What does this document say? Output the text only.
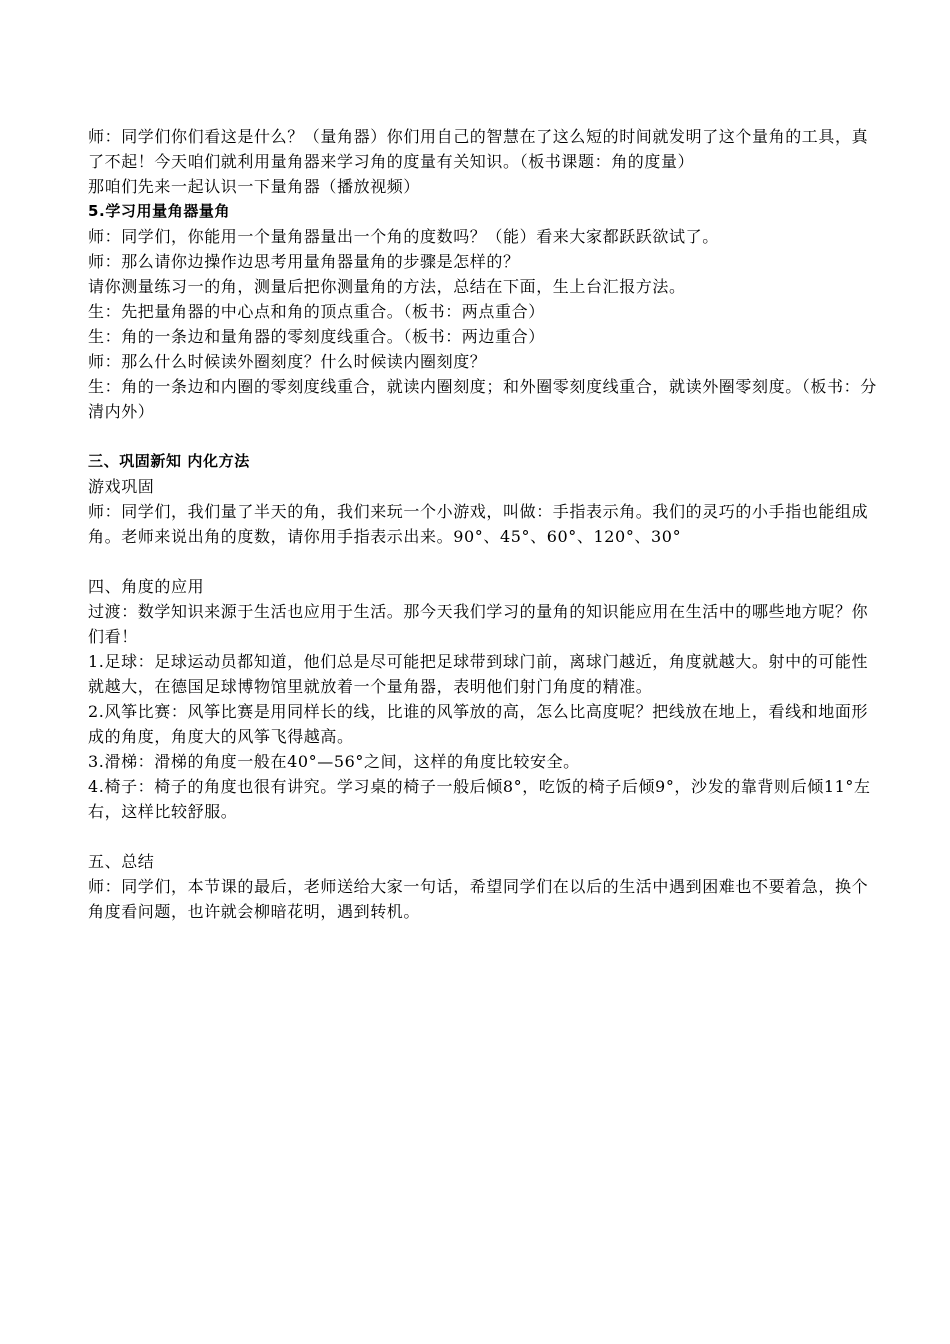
师：同学们你们看这是什么？（量角器）你们用自己的智慧在了这么短的时间就发明了这个量角的工具，真了不起！今天咱们就利用量角器来学习角的度量有关知识。（板书课题：角的度量）

那咱们先来一起认识一下量角器（播放视频）

5.学习用量角器量角

师：同学们，你能用一个量角器量出一个角的度数吗？（能）看来大家都跃跃欲试了。

师：那么请你边操作边思考用量角器量角的步骤是怎样的？

请你测量练习一的角，测量后把你测量角的方法，总结在下面，生上台汇报方法。

生：先把量角器的中心点和角的顶点重合。（板书：两点重合）

生：角的一条边和量角器的零刻度线重合。（板书：两边重合）

师：那么什么时候读外圈刻度？什么时候读内圈刻度？

生：角的一条边和内圈的零刻度线重合，就读内圈刻度；和外圈零刻度线重合，就读外圈零刻度。（板书：分清内外）

三、巩固新知 内化方法

游戏巩固

师：同学们，我们量了半天的角，我们来玩一个小游戏，叫做：手指表示角。我们的灵巧的小手指也能组成角。老师来说出角的度数，请你用手指表示出来。90°、45°、60°、120°、30°

四、角度的应用

过渡：数学知识来源于生活也应用于生活。那今天我们学习的量角的知识能应用在生活中的哪些地方呢？你们看！

1.足球：足球运动员都知道，他们总是尽可能把足球带到球门前，离球门越近，角度就越大。射中的可能性就越大，在德国足球博物馆里就放着一个量角器，表明他们射门角度的精准。

2.风筝比赛：风筝比赛是用同样长的线，比谁的风筝放的高，怎么比高度呢？把线放在地上，看线和地面形成的角度，角度大的风筝飞得越高。

3.滑梯：滑梯的角度一般在40°—56°之间，这样的角度比较安全。

4.椅子：椅子的角度也很有讲究。学习桌的椅子一般后倾8°，吃饭的椅子后倾9°，沙发的靠背则后倾11°左右，这样比较舒服。

五、总结

师：同学们，本节课的最后，老师送给大家一句话，希望同学们在以后的生活中遇到困难也不要着急，换个角度看问题，也许就会柳暗花明，遇到转机。
